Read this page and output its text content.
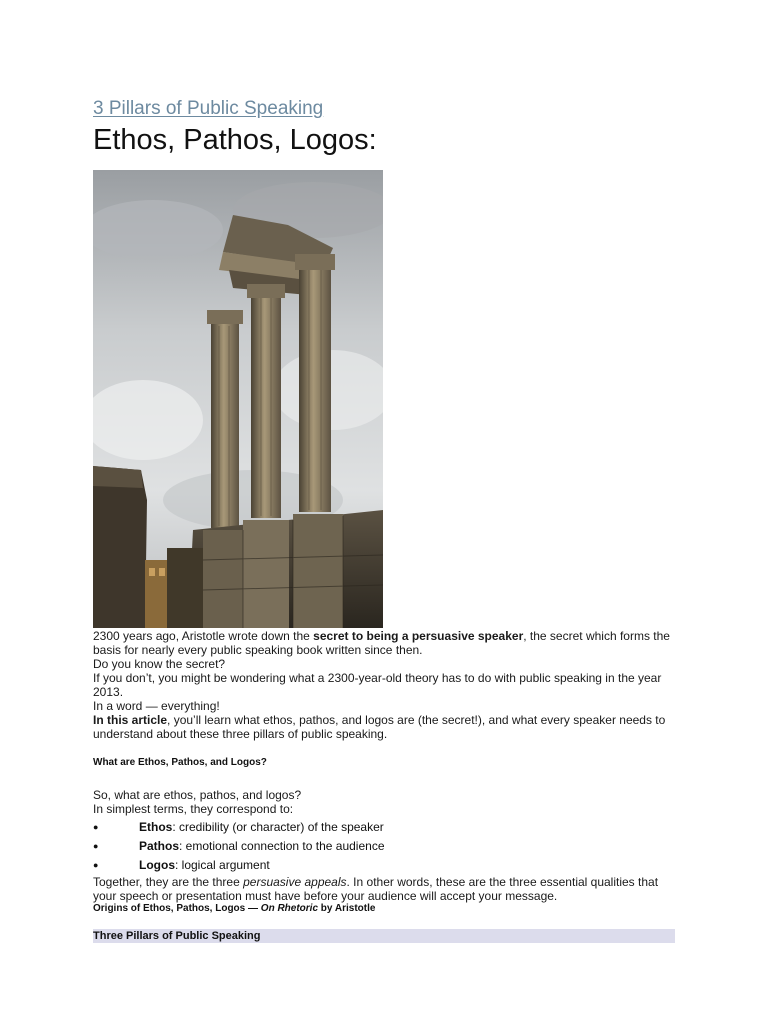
3 Pillars of Public Speaking
Ethos, Pathos, Logos:

2300 years ago, Aristotle wrote down the secret to being a persuasive speaker, the secret which forms the basis for nearly every public speaking book written since then.

Do you know the secret?

If you don’t, you might be wondering what a 2300-year-old theory has to do with public speaking in the year 2013.

In a word — everything!

In this article, you’ll learn what ethos, pathos, and logos are (the secret!), and what every speaker needs to understand about these three pillars of public speaking.

What are Ethos, Pathos, and Logos?

So, what are ethos, pathos, and logos?

In simplest terms, they correspond to:

●	Ethos: credibility (or character) of the speaker
●	Pathos: emotional connection to the audience
●	Logos: logical argument

Together, they are the three persuasive appeals. In other words, these are the three essential qualities that your speech or presentation must have before your audience will accept your message.

Origins of Ethos, Pathos, Logos — On Rhetoric by Aristotle
Three Pillars of Public Speaking
